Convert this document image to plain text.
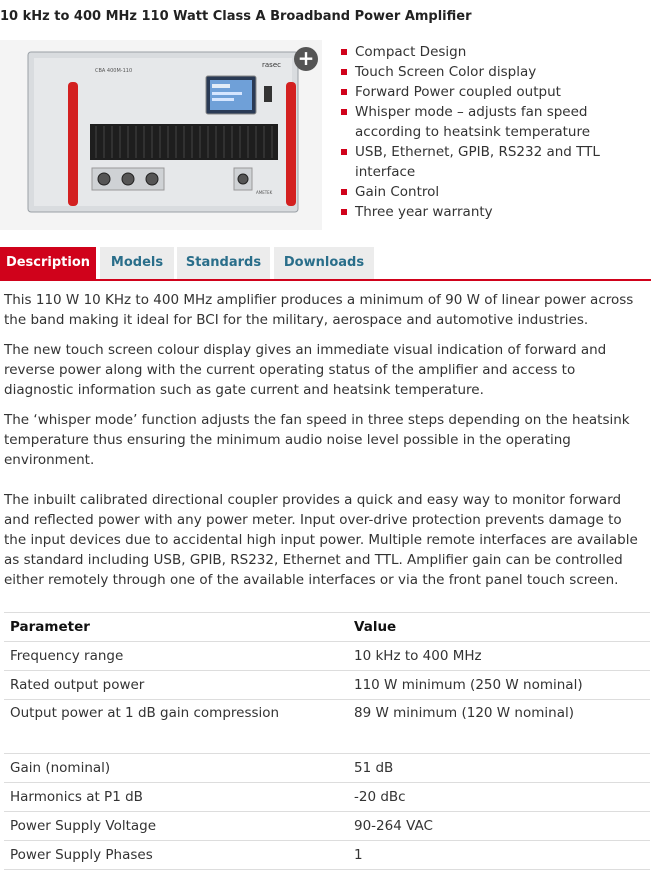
10 kHz to 400 MHz 110 Watt Class A Broadband Power Amplifier
CBA 400M-110
rasec
AMETEK
+	Compact Design
Touch Screen Color display
Forward Power coupled output
Whisper mode – adjusts fan speed according to heatsink temperature
USB, Ethernet, GPIB, RS232 and TTL interface
Gain Control
Three year warranty
Description	Models	Standards	Downloads

This 110 W 10 KHz to 400 MHz amplifier produces a minimum of 90 W of linear power across the band making it ideal for BCI for the military, aerospace and automotive industries.

The new touch screen colour display gives an immediate visual indication of forward and reverse power along with the current operating status of the amplifier and access to diagnostic information such as gate current and heatsink temperature.

The ‘whisper mode’ function adjusts the fan speed in three steps depending on the heatsink temperature thus ensuring the minimum audio noise level possible in the operating environment.

The inbuilt calibrated directional coupler provides a quick and easy way to monitor forward and reflected power with any power meter. Input over-drive protection prevents damage to the input devices due to accidental high input power. Multiple remote interfaces are available as standard including USB, GPIB, RS232, Ethernet and TTL. Amplifier gain can be controlled either remotely through one of the available interfaces or via the front panel touch screen.

Parameter	Value
Frequency range	10 kHz to 400 MHz
Rated output power	110 W minimum (250 W nominal)
Output power at 1 dB gain compression	89 W minimum (120 W nominal)
Gain (nominal)	51 dB
Harmonics at P1 dB	-20 dBc
Power Supply Voltage	90-264 VAC
Power Supply Phases	1
